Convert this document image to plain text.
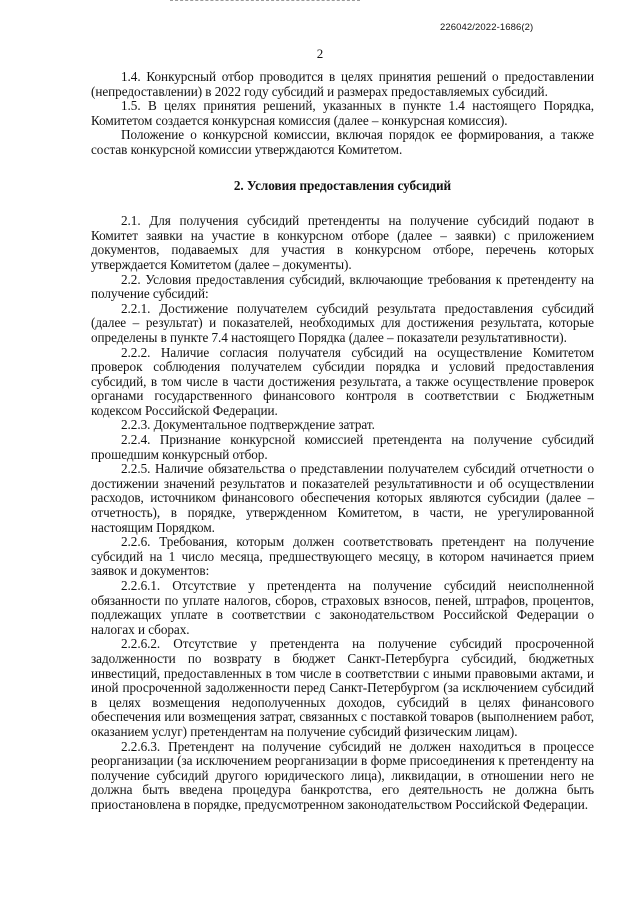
226042/2022-1686(2)
2

1.4. Конкурсный отбор проводится в целях принятия решений о предоставлении (непредоставлении) в 2022 году субсидий и размерах предоставляемых субсидий.

1.5. В целях принятия решений, указанных в пункте 1.4 настоящего Порядка, Комитетом создается конкурсная комиссия (далее – конкурсная комиссия).

Положение о конкурсной комиссии, включая порядок ее формирования, а также состав конкурсной комиссии утверждаются Комитетом.

2. Условия предоставления субсидий

2.1. Для получения субсидий претенденты на получение субсидий подают в Комитет заявки на участие в конкурсном отборе (далее – заявки) с приложением документов, подаваемых для участия в конкурсном отборе, перечень которых утверждается Комитетом (далее – документы).

2.2. Условия предоставления субсидий, включающие требования к претенденту на получение субсидий:

2.2.1. Достижение получателем субсидий результата предоставления субсидий (далее – результат) и показателей, необходимых для достижения результата, которые определены в пункте 7.4 настоящего Порядка (далее – показатели результативности).

2.2.2. Наличие согласия получателя субсидий на осуществление Комитетом проверок соблюдения получателем субсидии порядка и условий предоставления субсидий, в том числе в части достижения результата, а также осуществление проверок органами государственного финансового контроля в соответствии с Бюджетным кодексом Российской Федерации.

2.2.3. Документальное подтверждение затрат.

2.2.4. Признание конкурсной комиссией претендента на получение субсидий прошедшим конкурсный отбор.

2.2.5. Наличие обязательства о представлении получателем субсидий отчетности о достижении значений результатов и показателей результативности и об осуществлении расходов, источником финансового обеспечения которых являются субсидии (далее – отчетность), в порядке, утвержденном Комитетом, в части, не урегулированной настоящим Порядком.

2.2.6. Требования, которым должен соответствовать претендент на получение субсидий на 1 число месяца, предшествующего месяцу, в котором начинается прием заявок и документов:

2.2.6.1. Отсутствие у претендента на получение субсидий неисполненной обязанности по уплате налогов, сборов, страховых взносов, пеней, штрафов, процентов, подлежащих уплате в соответствии с законодательством Российской Федерации о налогах и сборах.

2.2.6.2. Отсутствие у претендента на получение субсидий просроченной задолженности по возврату в бюджет Санкт-Петербурга субсидий, бюджетных инвестиций, предоставленных в том числе в соответствии с иными правовыми актами, и иной просроченной задолженности перед Санкт-Петербургом (за исключением субсидий в целях возмещения недополученных доходов, субсидий в целях финансового обеспечения или возмещения затрат, связанных с поставкой товаров (выполнением работ, оказанием услуг) претендентам на получение субсидий физическим лицам).

2.2.6.3. Претендент на получение субсидий не должен находиться в процессе реорганизации (за исключением реорганизации в форме присоединения к претенденту на получение субсидий другого юридического лица), ликвидации, в отношении него не должна быть введена процедура банкротства, его деятельность не должна быть приостановлена в порядке, предусмотренном законодательством Российской Федерации.
